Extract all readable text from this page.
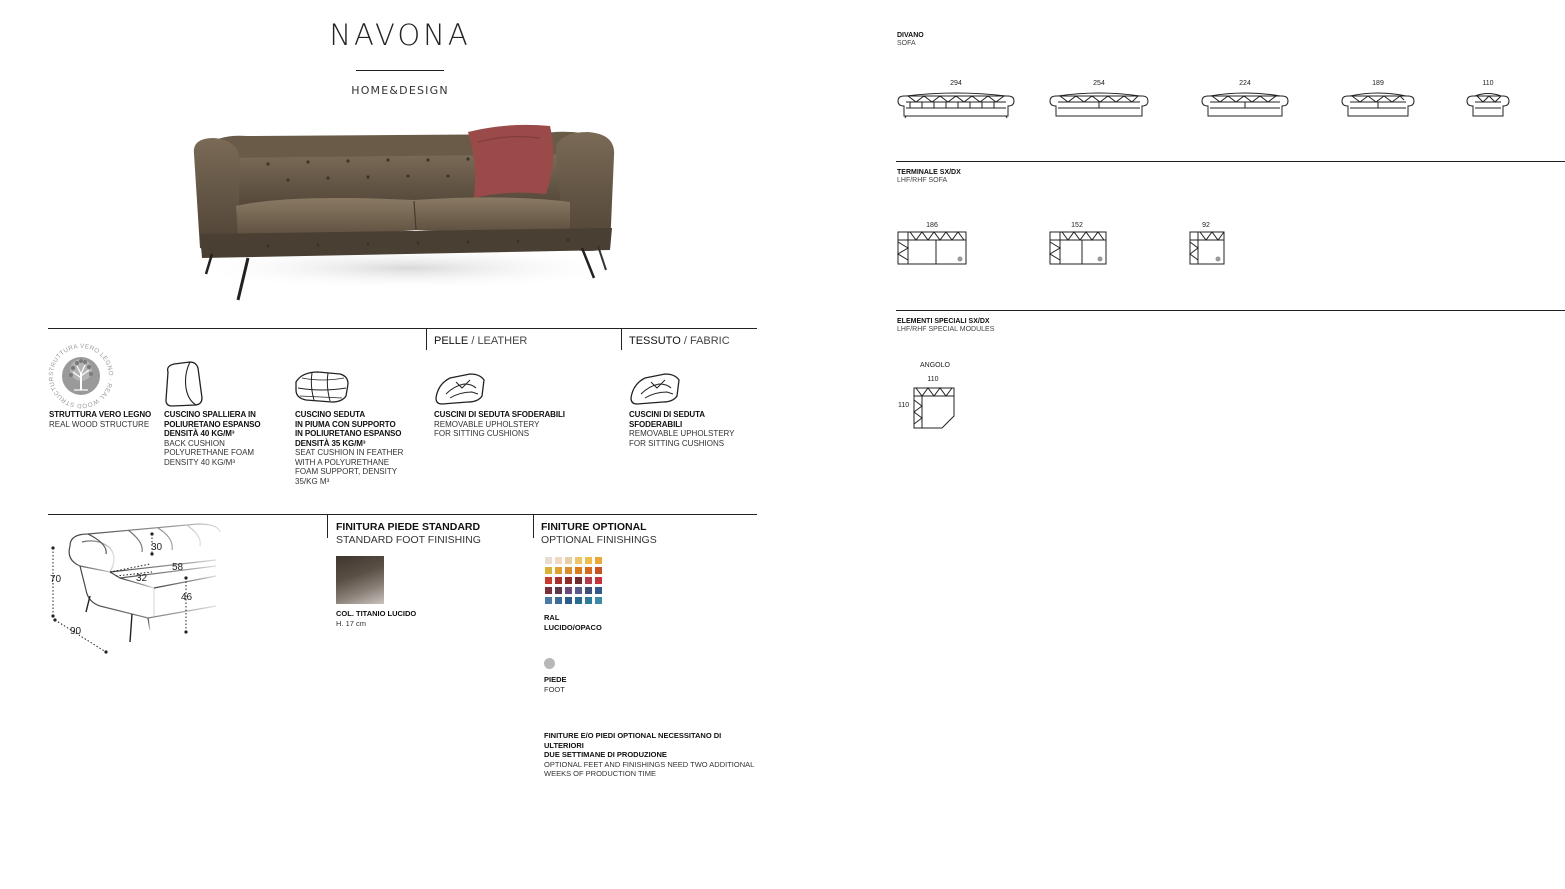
NAVONA
HOME&DESIGN
PELLE / LEATHER	TESSUTO / FABRIC
STRUTTURA VERO LEGNO · REAL WOOD STRUCTURE
STRUTTURA VERO LEGNO
REAL WOOD STRUCTURE
CUSCINO SPALLIERA IN
POLIURETANO ESPANSO
DENSITÀ 40 KG/M³
BACK CUSHION
POLYURETHANE FOAM
DENSITY 40 KG/M³
CUSCINO SEDUTA
IN PIUMA CON SUPPORTO
IN POLIURETANO ESPANSO
DENSITÀ 35 KG/M³
SEAT CUSHION IN FEATHER
WITH A POLYURETHANE
FOAM SUPPORT, DENSITY
35/KG M³
CUSCINI DI SEDUTA SFODERABILI
REMOVABLE UPHOLSTERY
FOR SITTING CUSHIONS
CUSCINI DI SEDUTA SFODERABILI
REMOVABLE UPHOLSTERY
FOR SITTING CUSHIONS
70
90
30
58
32
46
FINITURA PIEDE STANDARD
STANDARD FOOT FINISHING
COL. TITANIO LUCIDO
H. 17 cm
FINITURE OPTIONAL
OPTIONAL FINISHINGS
RAL
LUCIDO/OPACO
PIEDE
FOOT
FINITURE E/O PIEDI OPTIONAL NECESSITANO DI ULTERIORI
DUE SETTIMANE DI PRODUZIONE
OPTIONAL FEET AND FINISHINGS NEED TWO ADDITIONAL
WEEKS OF PRODUCTION TIME
DIVANO
SOFA
294	254	224	189	110
TERMINALE SX/DX
LHF/RHF SOFA
186	152	92
ELEMENTI SPECIALI SX/DX
LHF/RHF SPECIAL MODULES
ANGOLO
110
110
